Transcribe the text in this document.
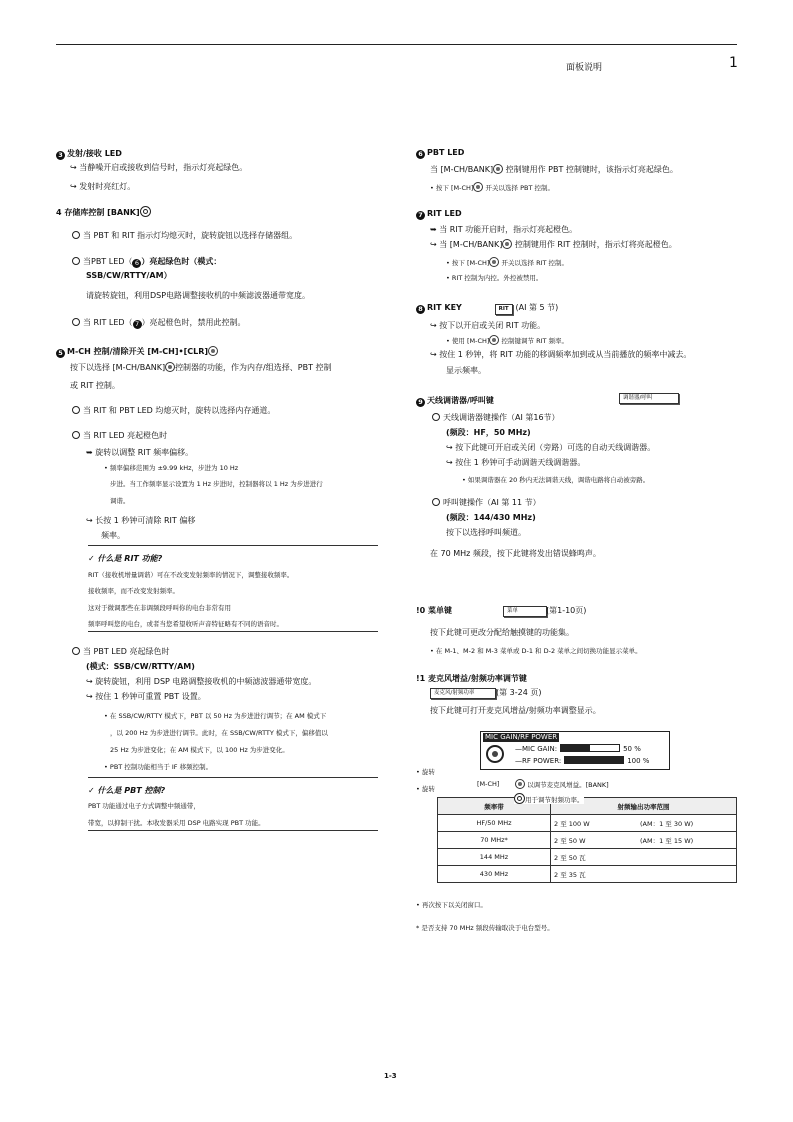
面板说明	1
3 发射/接收 LED
↪ 当静噪开启或接收到信号时，指示灯亮起绿色。
↪ 发射时亮红灯。
4 存储库控制 [BANK]
当 PBT 和 RIT 指示灯均熄灭时，旋转旋钮以选择存储器组。
当PBT LED（ 6 ）亮起绿色时（模式：
SSB/CW/RTTY/AM）
请旋转旋钮，利用DSP电路调整接收机的中频滤波器通带宽度。
当 RIT LED（ 7 ）亮起橙色时，禁用此控制。
5 M-CH 控制/清除开关 [M-CH]•[CLR]
按下以选择 [M-CH/BANK] 控制器的功能，作为内存/组选择、PBT 控制
或 RIT 控制。
当 RIT 和 PBT LED 均熄灭时，旋转以选择内存通道。
当 RIT LED 亮起橙色时
➥ 旋转以调整 RIT 频率偏移。
• 频率偏移范围为 ±9.99 kHz，步进为 10 Hz
步进。当工作频率显示设置为 1 Hz 步进时，控制器将以 1 Hz 为步进进行
调谐。
↪ 长按 1 秒钟可清除 RIT 偏移
频率。
✓ 什么是 RIT 功能?
RIT（接收机增量调谐）可在不改变发射频率的情况下，调整接收频率。
接收频率，而不改变发射频率。
这对于微调那些在非调频段呼叫你的电台非常有用
频率呼叫您的电台，或者当您希望收听声音特征略有不同的语音时。
当 PBT LED 亮起绿色时
(模式：SSB/CW/RTTY/AM)
↪ 旋转旋钮，利用 DSP 电路调整接收机的中频滤波器通带宽度。
↪ 按住 1 秒钟可重置 PBT 设置。
• 在 SSB/CW/RTTY 模式下，PBT 以 50 Hz 为步进进行调节；在 AM 模式下
，以 200 Hz 为步进进行调节。此时，在 SSB/CW/RTTY 模式下，偏移值以
25 Hz 为步进变化；在 AM 模式下，以 100 Hz 为步进变化。
• PBT 控制功能相当于 IF 移频控制。
✓ 什么是 PBT 控制?
PBT 功能通过电子方式调整中频通带，
带宽，以抑制干扰。本收发器采用 DSP 电路实现 PBT 功能。
6 PBT LED
当 [M-CH/BANK] 控制键用作 PBT 控制键时，该指示灯亮起绿色。
• 按下 [M-CH] 开关以选择 PBT 控制。
7 RIT LED
➥ 当 RIT 功能开启时，指示灯亮起橙色。
↪ 当 [M-CH/BANK] 控制键用作 RIT 控制时，指示灯将亮起橙色。
• 按下 [M-CH] 开关以选择 RIT 控制。
• RIT 控制为内控。外控被禁用。
8 RIT KEY	RIT (AI 第 5 节)
↪ 按下以开启或关闭 RIT 功能。
• 使用 [M-CH] 控制键调节 RIT 频率。
↪ 按住 1 秒钟，将 RIT 功能的移调频率加到或从当前播放的频率中减去。
显示频率。
9 天线调谐器/呼叫键	调谐器/呼叫
天线调谐器键操作（AI 第16节）
(频段：HF，50 MHz)
↪ 按下此键可开启或关闭（旁路）可选的自动天线调谐器。
↪ 按住 1 秒钟可手动调谐天线调谐器。
• 如果调谐器在 20 秒内无法调谐天线，调谐电路将自动被旁路。
呼叫键操作（AI 第 11 节）
(频段：144/430 MHz)
按下以选择呼叫频道。
在 70 MHz 频段，按下此键将发出错误蜂鸣声。
!0 菜单键	菜单	(第1-10页)
按下此键可更改分配给触摸键的功能集。
• 在 M-1、M-2 和 M-3 菜单或 D-1 和 D-2 菜单之间切换功能显示菜单。
!1 麦克风增益/射频功率调节键
麦克风/射频功率	(第 3-24 页)
按下此键可打开麦克风增益/射频功率调整显示。
MIC GAIN/RF POWER
—MIC GAIN:	50 %
—RF POWER:	100 %
• 旋转
• 旋转
[M-CH]	以调节麦克风增益。[BANK]
用于调节射频功率。
频率带	射频输出功率范围	
HF/50 MHz	2 至 100 W	(AM：1 至 30 W)
70 MHz*	2 至 50 W	(AM：1 至 15 W)
144 MHz	2 至 50 瓦	
430 MHz	2 至 35 瓦	
• 再次按下以关闭窗口。
* 是否支持 70 MHz 频段传输取决于电台型号。
1-3
